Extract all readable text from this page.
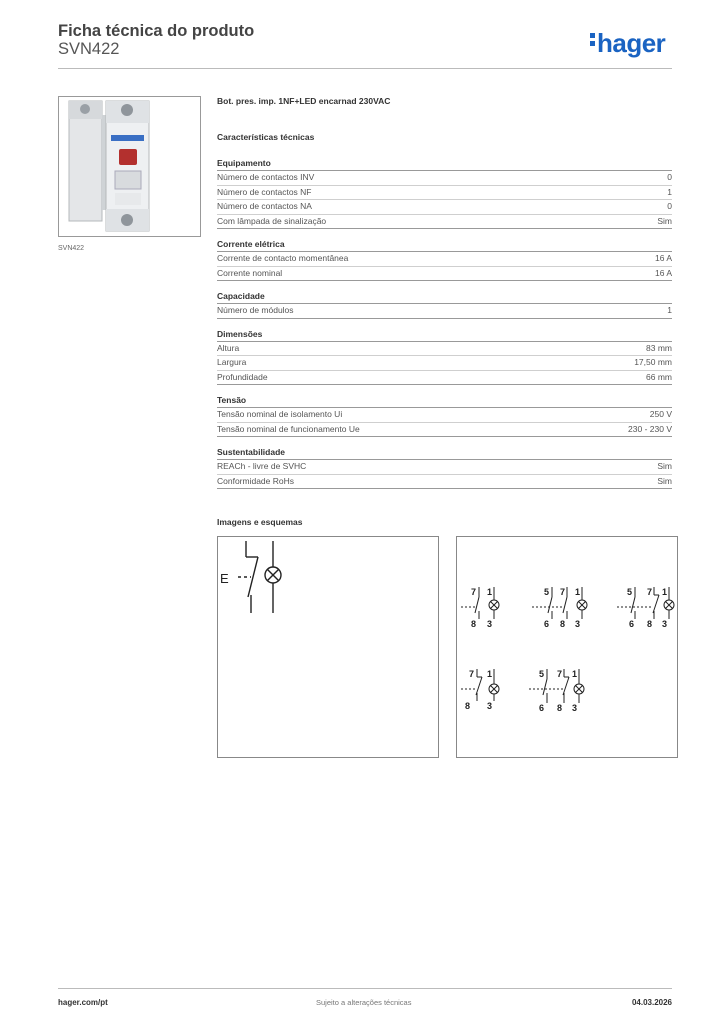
Ficha técnica do produto
SVN422	hager
SVN422
Bot. pres. imp. 1NF+LED encarnad 230VAC
Características técnicas
Equipamento
Número de contactos INV	0
Número de contactos NF	1
Número de contactos NA	0
Com lâmpada de sinalização	Sim
Corrente elétrica
Corrente de contacto momentânea	16 A
Corrente nominal	16 A
Capacidade
Número de módulos	1
Dimensões
Altura	83 mm
Largura	17,50 mm
Profundidade	66 mm
Tensão
Tensão nominal de isolamento Ui	250 V
Tensão nominal de funcionamento Ue	230 - 230 V
Sustentabilidade
REACh - livre de SVHC	Sim
Conformidade RoHs	Sim
Imagens e esquemas
E
7 1
8 3
5 7 1
6 8 3
5 7 1
6 8 3
7 1
8 3
5 7 1
6 8 3
hager.com/pt	Sujeito a alterações técnicas	04.03.2026
